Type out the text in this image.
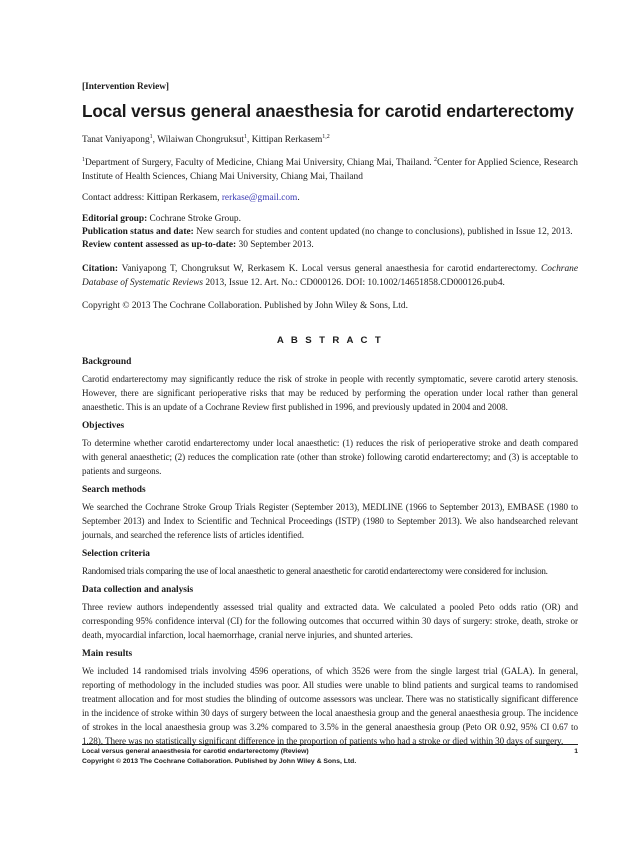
[Intervention Review]

Local versus general anaesthesia for carotid endarterectomy

Tanat Vaniyapong$^1$, Wilaiwan Chongruksut$^1$, Kittipan Rerkasem$^{1,2}$

$^1$Department of Surgery, Faculty of Medicine, Chiang Mai University, Chiang Mai, Thailand. $^2$Center for Applied Science, Research Institute of Health Sciences, Chiang Mai University, Chiang Mai, Thailand

Contact address: Kittipan Rerkasem, rerkase@gmail.com.

Editorial group: Cochrane Stroke Group.

Publication status and date: New search for studies and content updated (no change to conclusions), published in Issue 12, 2013.

Review content assessed as up-to-date: 30 September 2013.

Citation: Vaniyapong T, Chongruksut W, Rerkasem K. Local versus general anaesthesia for carotid endarterectomy. Cochrane Database of Systematic Reviews 2013, Issue 12. Art. No.: CD000126. DOI: 10.1002/14651858.CD000126.pub4.

Copyright © 2013 The Cochrane Collaboration. Published by John Wiley & Sons, Ltd.

A B S T R A C T

Background

Carotid endarterectomy may significantly reduce the risk of stroke in people with recently symptomatic, severe carotid artery stenosis. However, there are significant perioperative risks that may be reduced by performing the operation under local rather than general anaesthetic. This is an update of a Cochrane Review first published in 1996, and previously updated in 2004 and 2008.

Objectives

To determine whether carotid endarterectomy under local anaesthetic: (1) reduces the risk of perioperative stroke and death compared with general anaesthetic; (2) reduces the complication rate (other than stroke) following carotid endarterectomy; and (3) is acceptable to patients and surgeons.

Search methods

We searched the Cochrane Stroke Group Trials Register (September 2013), MEDLINE (1966 to September 2013), EMBASE (1980 to September 2013) and Index to Scientific and Technical Proceedings (ISTP) (1980 to September 2013). We also handsearched relevant journals, and searched the reference lists of articles identified.

Selection criteria

Randomised trials comparing the use of local anaesthetic to general anaesthetic for carotid endarterectomy were considered for inclusion.

Data collection and analysis

Three review authors independently assessed trial quality and extracted data. We calculated a pooled Peto odds ratio (OR) and corresponding 95% confidence interval (CI) for the following outcomes that occurred within 30 days of surgery: stroke, death, stroke or death, myocardial infarction, local haemorrhage, cranial nerve injuries, and shunted arteries.

Main results

We included 14 randomised trials involving 4596 operations, of which 3526 were from the single largest trial (GALA). In general, reporting of methodology in the included studies was poor. All studies were unable to blind patients and surgical teams to randomised treatment allocation and for most studies the blinding of outcome assessors was unclear. There was no statistically significant difference in the incidence of stroke within 30 days of surgery between the local anaesthesia group and the general anaesthesia group. The incidence of strokes in the local anaesthesia group was 3.2% compared to 3.5% in the general anaesthesia group (Peto OR 0.92, 95% CI 0.67 to 1.28). There was no statistically significant difference in the proportion of patients who had a stroke or died within 30 days of surgery.

Local versus general anaesthesia for carotid endarterectomy (Review)	1

Copyright © 2013 The Cochrane Collaboration. Published by John Wiley & Sons, Ltd.
